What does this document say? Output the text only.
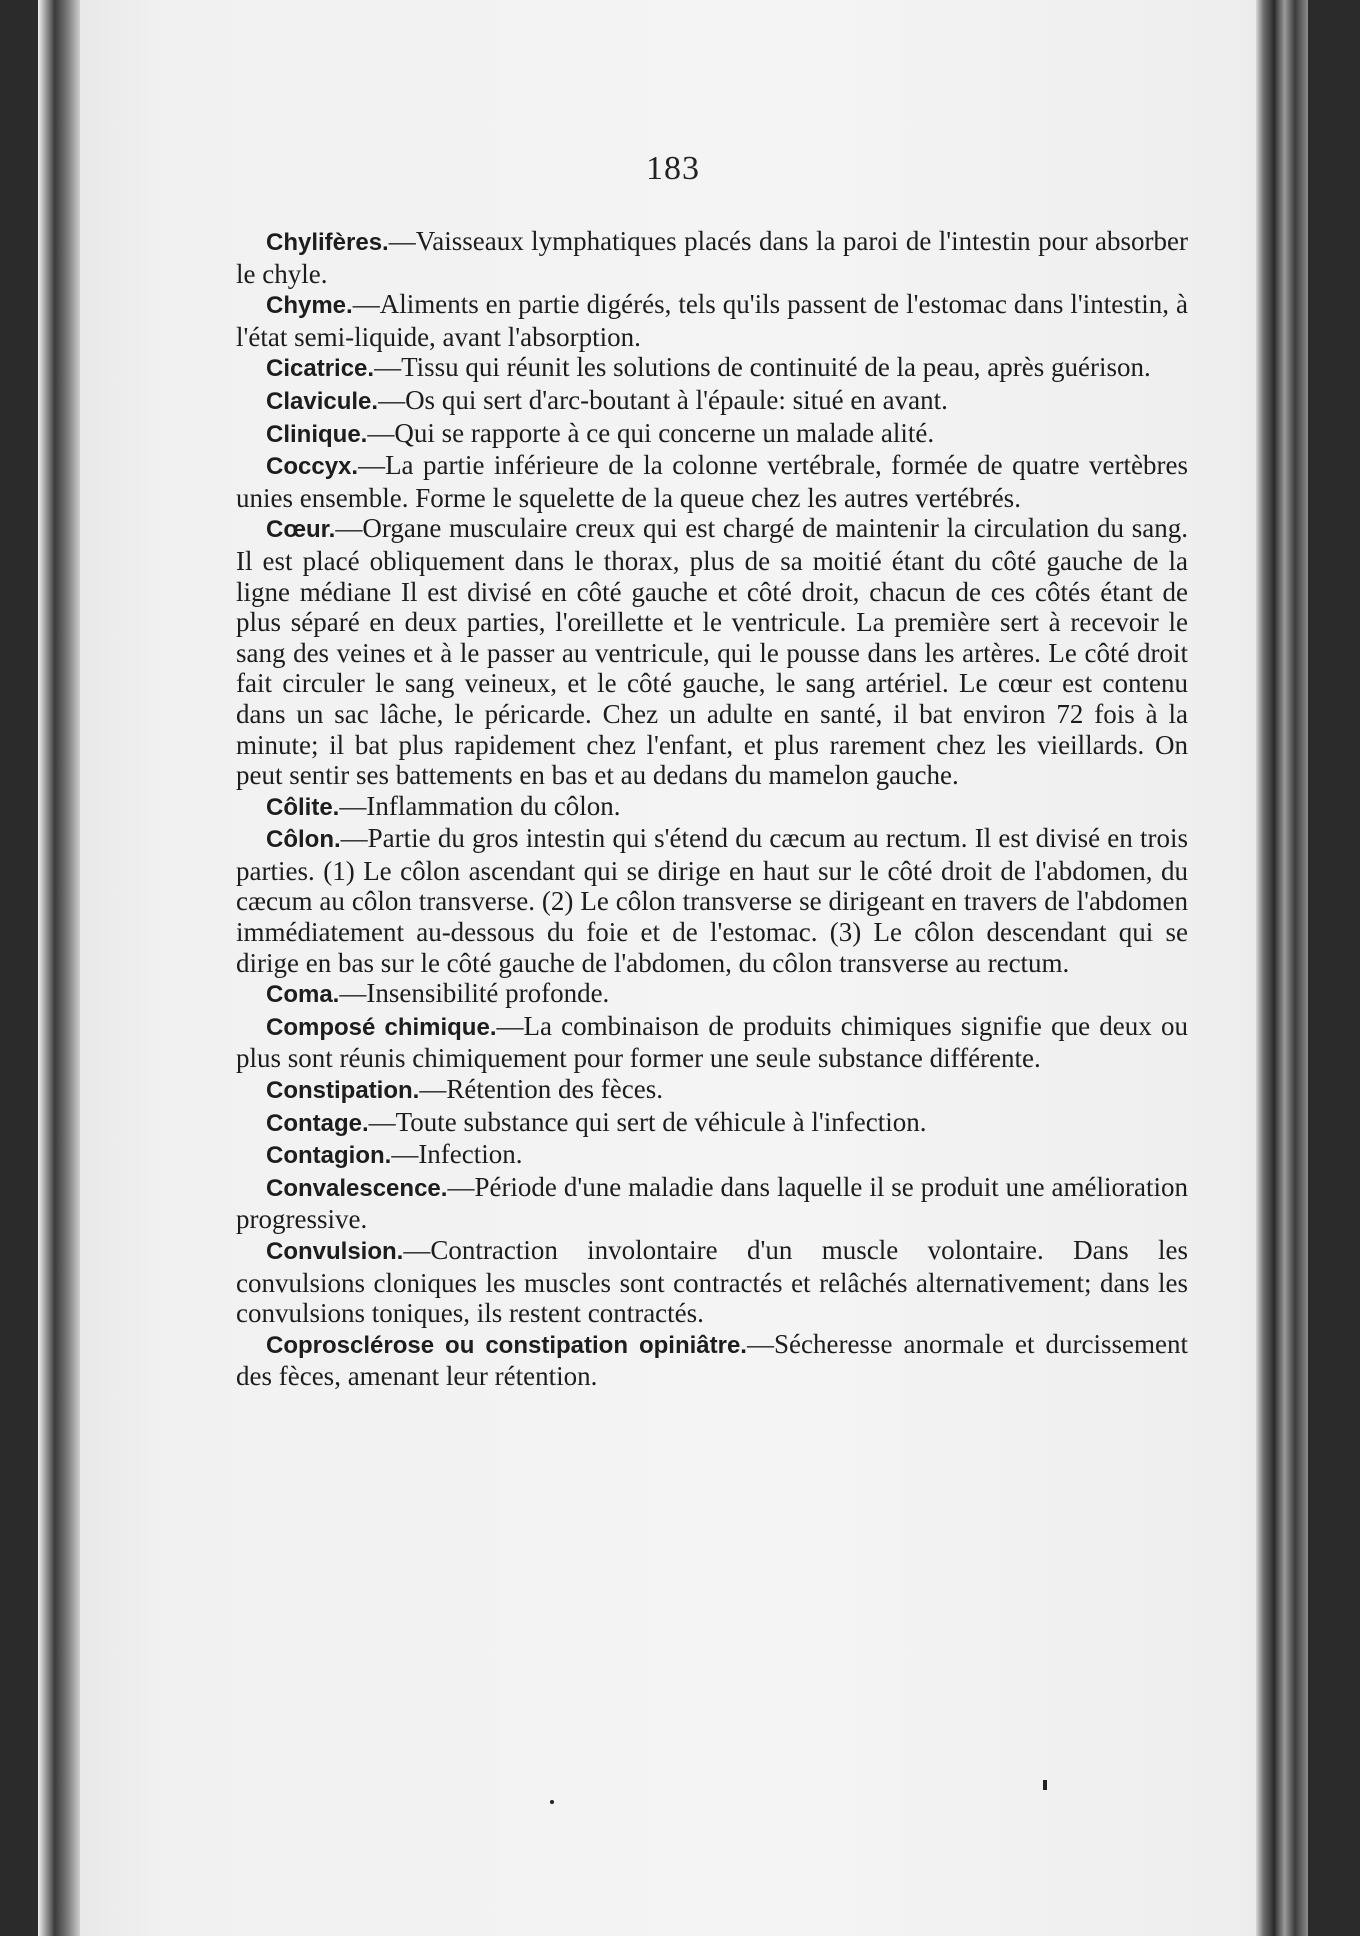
183

Chylifères.—Vaisseaux lymphatiques placés dans la paroi de l'intestin pour absorber le chyle.

Chyme.—Aliments en partie digérés, tels qu'ils passent de l'estomac dans l'intestin, à l'état semi-liquide, avant l'absorption.

Cicatrice.—Tissu qui réunit les solutions de continuité de la peau, après guérison.

Clavicule.—Os qui sert d'arc-boutant à l'épaule: situé en avant.

Clinique.—Qui se rapporte à ce qui concerne un malade alité.

Coccyx.—La partie inférieure de la colonne vertébrale, formée de quatre vertèbres unies ensemble. Forme le squelette de la queue chez les autres vertébrés.

Cœur.—Organe musculaire creux qui est chargé de maintenir la circulation du sang. Il est placé obliquement dans le thorax, plus de sa moitié étant du côté gauche de la ligne médiane Il est divisé en côté gauche et côté droit, chacun de ces côtés étant de plus séparé en deux parties, l'oreillette et le ventricule. La première sert à recevoir le sang des veines et à le passer au ventricule, qui le pousse dans les artères. Le côté droit fait circuler le sang veineux, et le côté gauche, le sang artériel. Le cœur est contenu dans un sac lâche, le péricarde. Chez un adulte en santé, il bat environ 72 fois à la minute; il bat plus rapidement chez l'enfant, et plus rarement chez les vieillards. On peut sentir ses battements en bas et au dedans du mamelon gauche.

Côlite.—Inflammation du côlon.

Côlon.—Partie du gros intestin qui s'étend du cæcum au rectum. Il est divisé en trois parties. (1) Le côlon ascendant qui se dirige en haut sur le côté droit de l'abdomen, du cæcum au côlon transverse. (2) Le côlon transverse se dirigeant en travers de l'abdomen immédiatement au-dessous du foie et de l'estomac. (3) Le côlon descendant qui se dirige en bas sur le côté gauche de l'abdomen, du côlon transverse au rectum.

Coma.—Insensibilité profonde.

Composé chimique.—La combinaison de produits chimiques signifie que deux ou plus sont réunis chimiquement pour former une seule substance différente.

Constipation.—Rétention des fèces.

Contage.—Toute substance qui sert de véhicule à l'infection.

Contagion.—Infection.

Convalescence.—Période d'une maladie dans laquelle il se produit une amélioration progressive.

Convulsion.—Contraction involontaire d'un muscle volontaire. Dans les convulsions cloniques les muscles sont contractés et relâchés alternativement; dans les convulsions toniques, ils restent contractés.

Coprosclérose ou constipation opiniâtre.—Sécheresse anormale et durcissement des fèces, amenant leur rétention.
